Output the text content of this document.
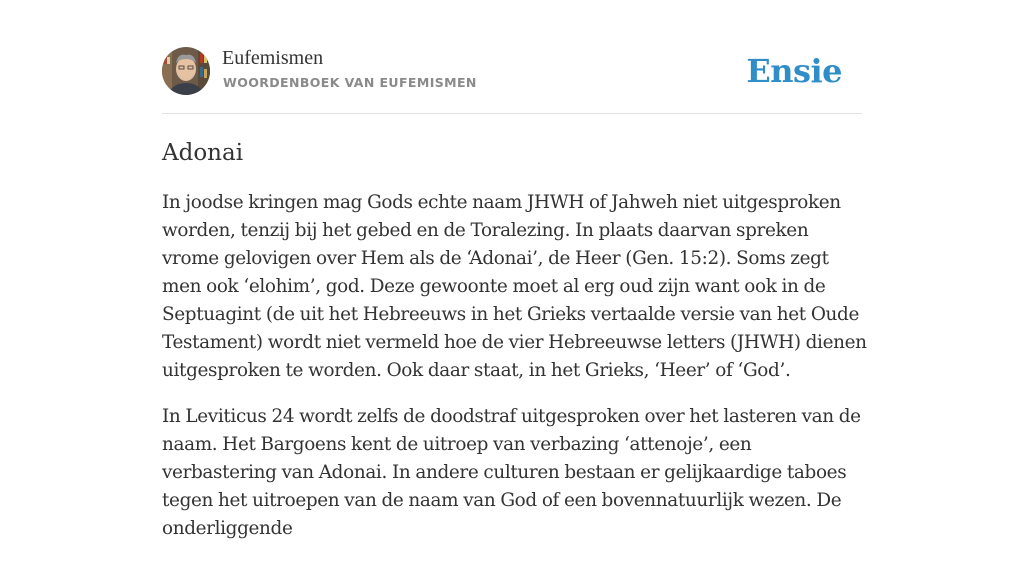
Eufemismen
WOORDENBOEK VAN EUFEMISMEN	Ensie
Adonai

In joodse kringen mag Gods echte naam JHWH of Jahweh niet uitgesproken worden, tenzij bij het gebed en de Toralezing. In plaats daarvan spreken vrome gelovigen over Hem als de ‘Adonai’, de Heer (Gen. 15:2). Soms zegt men ook ‘elohim’, god. Deze gewoonte moet al erg oud zijn want ook in de Septuagint (de uit het Hebreeuws in het Grieks vertaalde versie van het Oude Testament) wordt niet vermeld hoe de vier Hebreeuwse letters (JHWH) dienen uitgesproken te worden. Ook daar staat, in het Grieks, ‘Heer’ of ‘God’.

In Leviticus 24 wordt zelfs de doodstraf uitgesproken over het lasteren van de naam. Het Bargoens kent de uitroep van verbazing ‘attenoje’, een verbastering van Adonai. In andere culturen bestaan er gelijkaardige taboes tegen het uitroepen van de naam van God of een bovennatuurlijk wezen. De onderliggende
